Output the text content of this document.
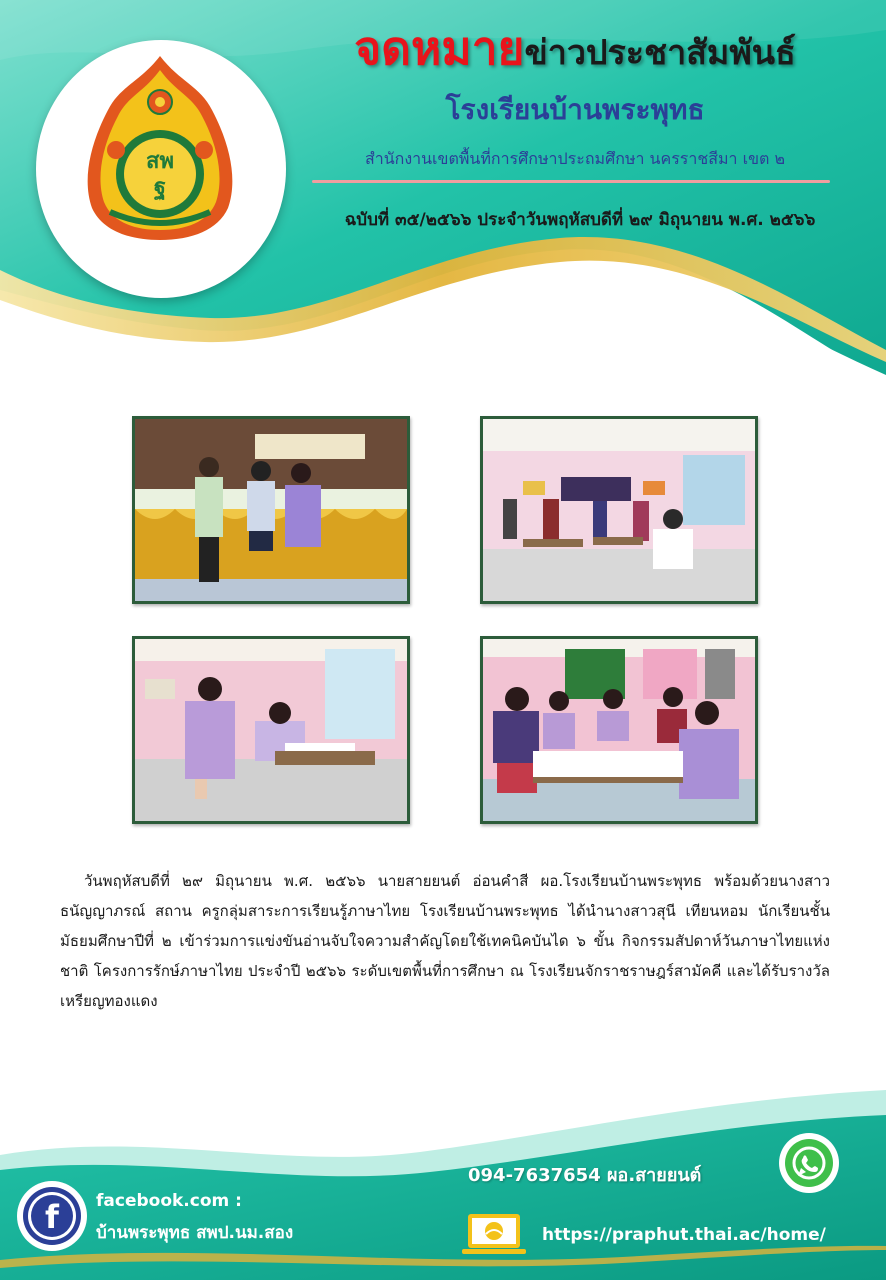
สพ
ฐ
จดหมายข่าวประชาสัมพันธ์
โรงเรียนบ้านพระพุทธ
สำนักงานเขตพื้นที่การศึกษาประถมศึกษา นครราชสีมา เขต ๒
ฉบับที่ ๓๕/๒๕๖๖ ประจำวันพฤหัสบดีที่ ๒๙ มิถุนายน พ.ศ. ๒๕๖๖
วันพฤหัสบดีที่ ๒๙ มิถุนายน พ.ศ. ๒๕๖๖ นายสายยนต์ อ่อนคำสี ผอ.โรงเรียนบ้านพระพุทธ พร้อมด้วยนางสาวธนัญญาภรณ์ สถาน ครูกลุ่มสาระการเรียนรู้ภาษาไทย โรงเรียนบ้านพระพุทธ ได้นำนางสาวสุนี เทียนหอม นักเรียนชั้นมัธยมศึกษาปีที่ ๒ เข้าร่วมการแข่งขันอ่านจับใจความสำคัญโดยใช้เทคนิคบันได ๖ ขั้น กิจกรรมสัปดาห์วันภาษาไทยแห่งชาติ โครงการรักษ์ภาษาไทย ประจำปี ๒๕๖๖ ระดับเขตพื้นที่การศึกษา ณ โรงเรียนจักราชราษฎร์สามัคคี และได้รับรางวัลเหรียญทองแดง
094-7637654 ผอ.สายยนต์
f facebook.com :
บ้านพระพุทธ สพป.นม.สอง	https://praphut.thai.ac/home/
